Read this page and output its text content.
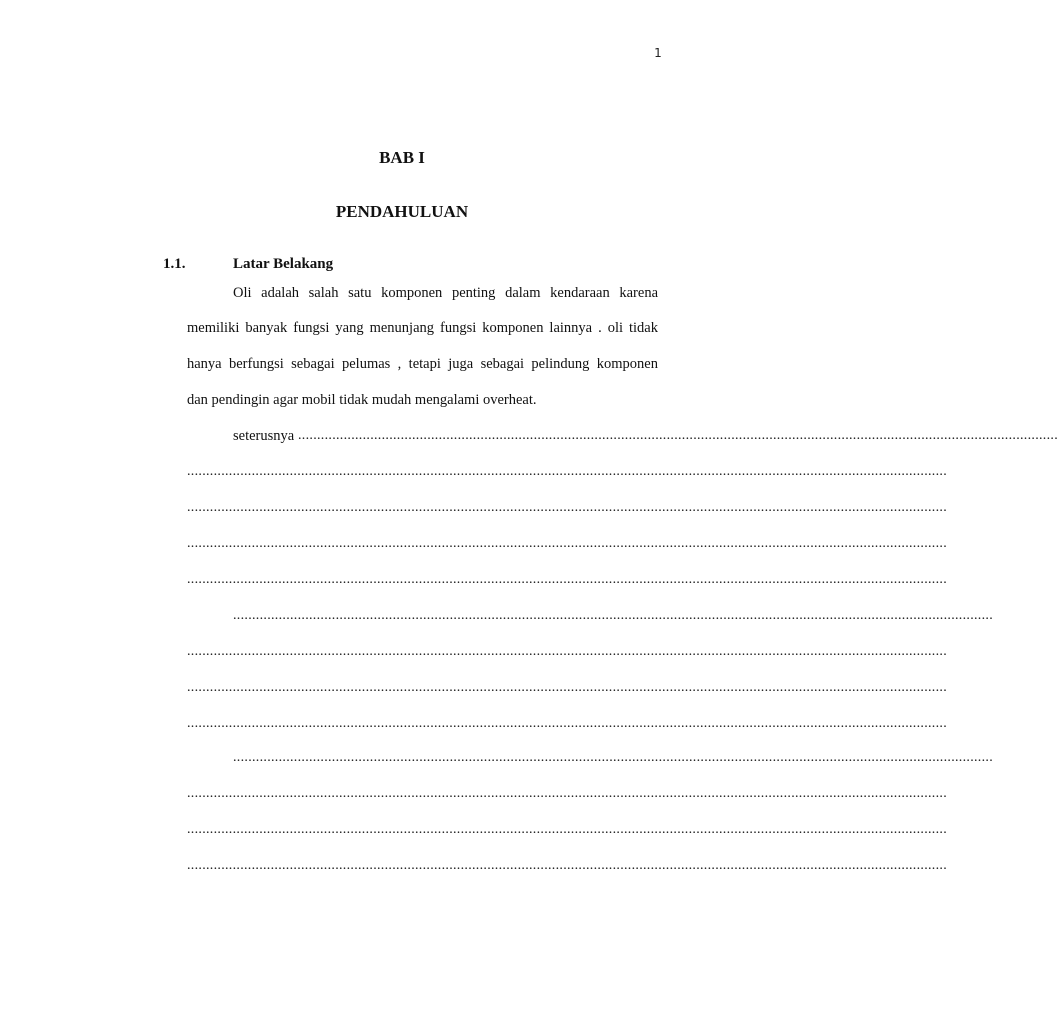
1
BAB I
PENDAHULUAN
1.1.	Latar Belakang
Oli adalah salah satu komponen penting dalam kendaraan karena
memiliki banyak fungsi yang menunjang fungsi komponen lainnya . oli tidak
hanya berfungsi sebagai pelumas , tetapi juga sebagai pelindung komponen
dan pendingin agar mobil tidak mudah mengalami overheat.
seterusnya ........................................................................................................................................................................................................
........................................................................................................................................................................................................
........................................................................................................................................................................................................
........................................................................................................................................................................................................
........................................................................................................................................................................................................
........................................................................................................................................................................................................
........................................................................................................................................................................................................
........................................................................................................................................................................................................
........................................................................................................................................................................................................
........................................................................................................................................................................................................
........................................................................................................................................................................................................
........................................................................................................................................................................................................
........................................................................................................................................................................................................
